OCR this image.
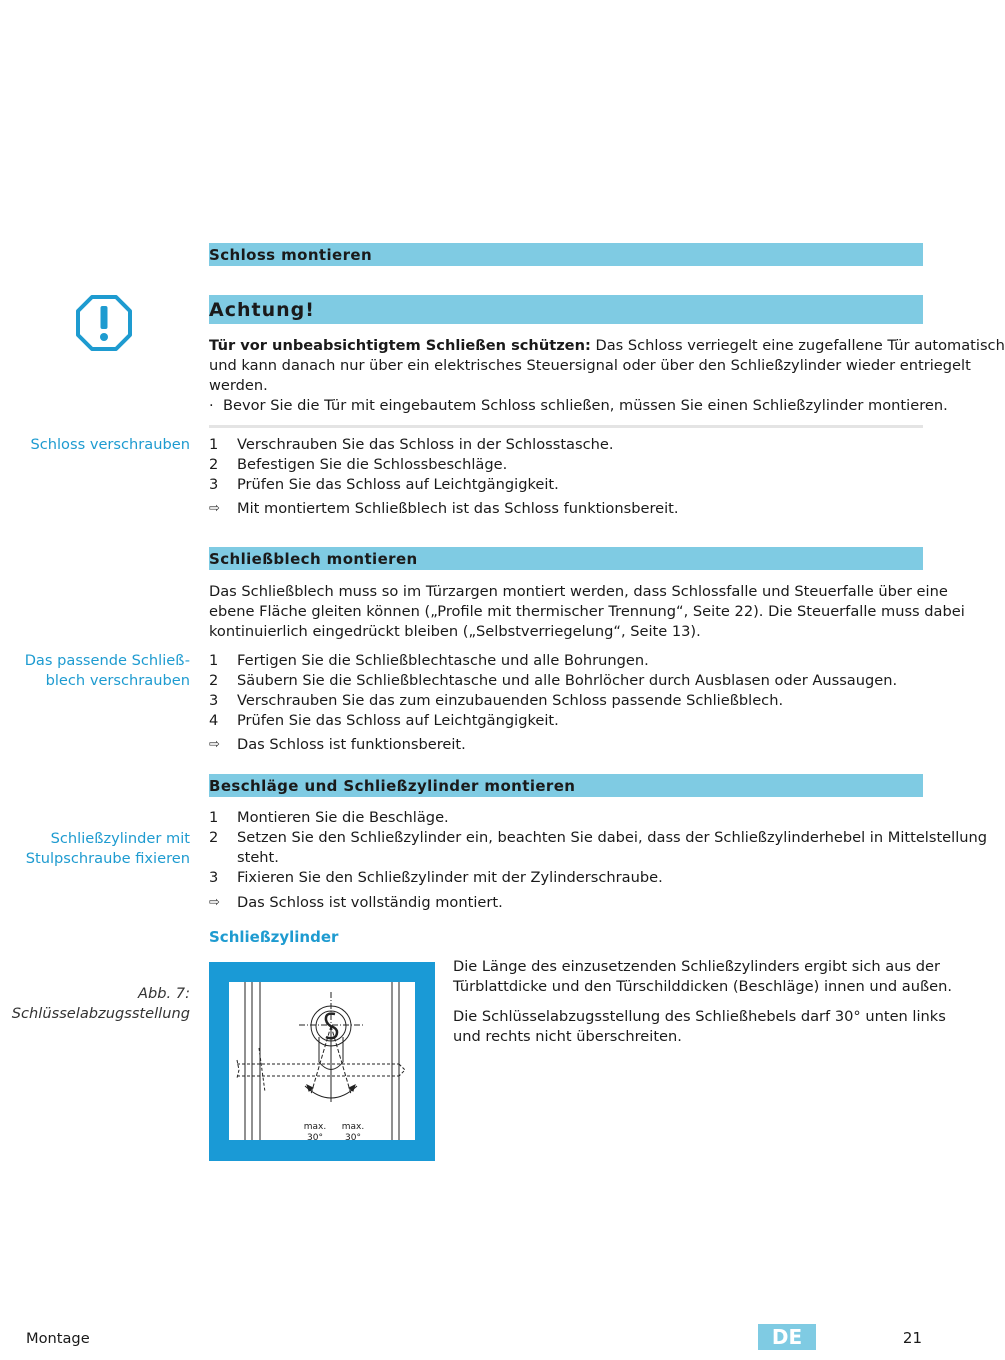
Schloss montieren
Achtung!
Tür vor unbeabsichtigtem Schließen schützen: Das Schloss verriegelt eine zugefallene Tür automatisch
und kann danach nur über ein elektrisches Steuersignal oder über den Schließzylinder wieder entriegelt
werden.
· Bevor Sie die Tür mit eingebautem Schloss schließen, müssen Sie einen Schließzylinder montieren.
Schloss verschrauben 1	Verschrauben Sie das Schloss in der Schlosstasche.
2	Befestigen Sie die Schlossbeschläge.
3	Prüfen Sie das Schloss auf Leichtgängigkeit.
⇨	Mit montiertem Schließblech ist das Schloss funktionsbereit.
Schließblech montieren
Das Schließblech muss so im Türzargen montiert werden, dass Schlossfalle und Steuerfalle über eine
ebene Fläche gleiten können („Profile mit thermischer Trennung“, Seite 22). Die Steuerfalle muss dabei
kontinuierlich eingedrückt bleiben („Selbstverriegelung“, Seite 13).
Das passende Schließ-
blech verschrauben
1	Fertigen Sie die Schließblechtasche und alle Bohrungen.
2	Säubern Sie die Schließblechtasche und alle Bohrlöcher durch Ausblasen oder Aussaugen.
3	Verschrauben Sie das zum einzubauenden Schloss passende Schließblech.
4	Prüfen Sie das Schloss auf Leichtgängigkeit.
⇨	Das Schloss ist funktionsbereit.
Beschläge und Schließzylinder montieren
Schließzylinder mit
Stulpschraube fixieren
1	Montieren Sie die Beschläge.
2	Setzen Sie den Schließzylinder ein, beachten Sie dabei, dass der Schließzylinderhebel in Mittelstellung
steht.
3	Fixieren Sie den Schließzylinder mit der Zylinderschraube.
⇨	Das Schloss ist vollständig montiert.
Schließzylinder
Abb. 7:
Schlüsselabzugsstellung
max.
30°
max.
30°
Die Länge des einzusetzenden Schließzylinders ergibt sich aus der
Türblattdicke und den Türschilddicken (Beschläge) innen und außen.
Die Schlüsselabzugsstellung des Schließhebels darf 30° unten links
und rechts nicht überschreiten.
Montage	DE	21
